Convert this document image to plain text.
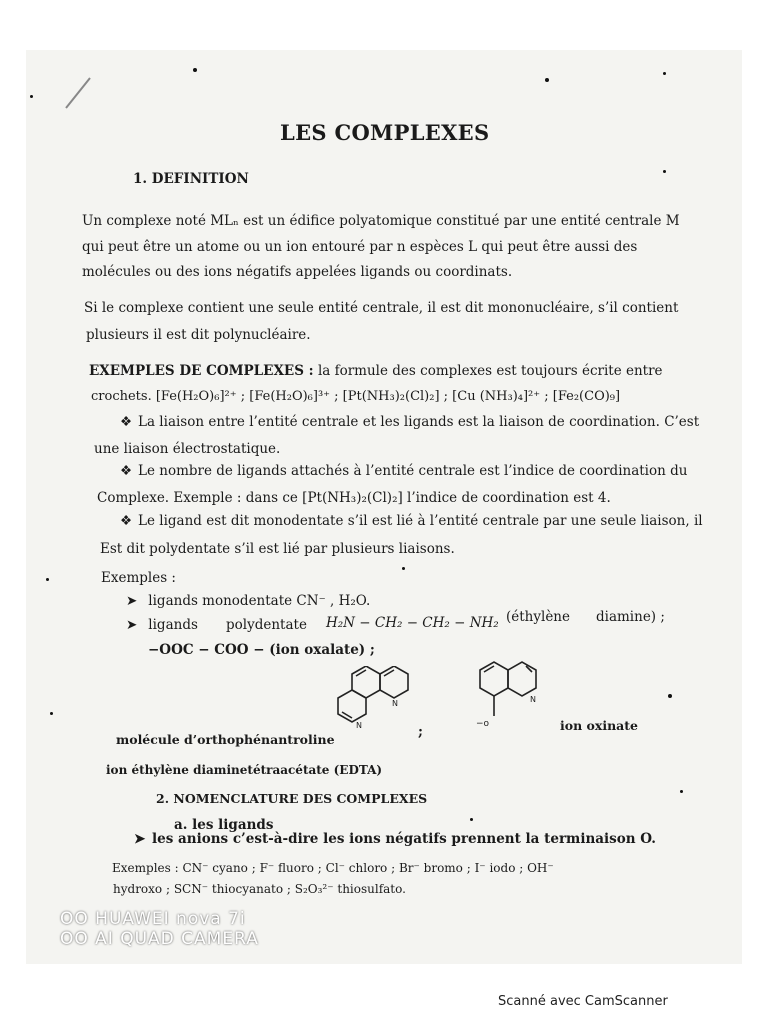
LES COMPLEXES
1. DEFINITION
Un complexe noté MLₙ est un édifice polyatomique constitué par une entité centrale M
qui peut être un atome ou un ion entouré par n espèces L qui peut être aussi des
molécules ou des ions négatifs appelées ligands ou coordinats.
Si le complexe contient une seule entité centrale, il est dit mononucléaire, s’il contient
plusieurs il est dit polynucléaire.
EXEMPLES DE COMPLEXES : la formule des complexes est toujours écrite entre
crochets. [Fe(H₂O)₆]²⁺ ; [Fe(H₂O)₆]³⁺ ; [Pt(NH₃)₂(Cl)₂] ; [Cu (NH₃)₄]²⁺ ; [Fe₂(CO)₉]
❖ La liaison entre l’entité centrale et les ligands est la liaison de coordination. C’est
une liaison électrostatique.
❖ Le nombre de ligands attachés à l’entité centrale est l’indice de coordination du
Complexe. Exemple : dans ce [Pt(NH₃)₂(Cl)₂] l’indice de coordination est 4.
❖ Le ligand est dit monodentate s’il est lié à l’entité centrale par une seule liaison, il
Est dit polydentate s’il est lié par plusieurs liaisons.
Exemples :
➤ ligands monodentate CN⁻ , H₂O.
➤ ligands	polydentate H₂N − CH₂ − CH₂ − NH₂ (éthylène diamine) ;
−OOC − COO − (ion oxalate) ;
N
N
N
−o
molécule d’orthophénantroline	;	ion oxinate
ion éthylène diaminetétraacétate (EDTA)
2. NOMENCLATURE DES COMPLEXES
a. les ligands
➤ les anions c’est-à-dire les ions négatifs prennent la terminaison O.
Exemples : CN⁻ cyano ; F⁻ fluoro ; Cl⁻ chloro ; Br⁻ bromo ; I⁻ iodo ; OH⁻
hydroxo ; SCN⁻ thiocyanato ; S₂O₃²⁻ thiosulfato.
OO HUAWEI nova 7i
OO AI QUAD CAMERA
Scanné avec CamScanner
